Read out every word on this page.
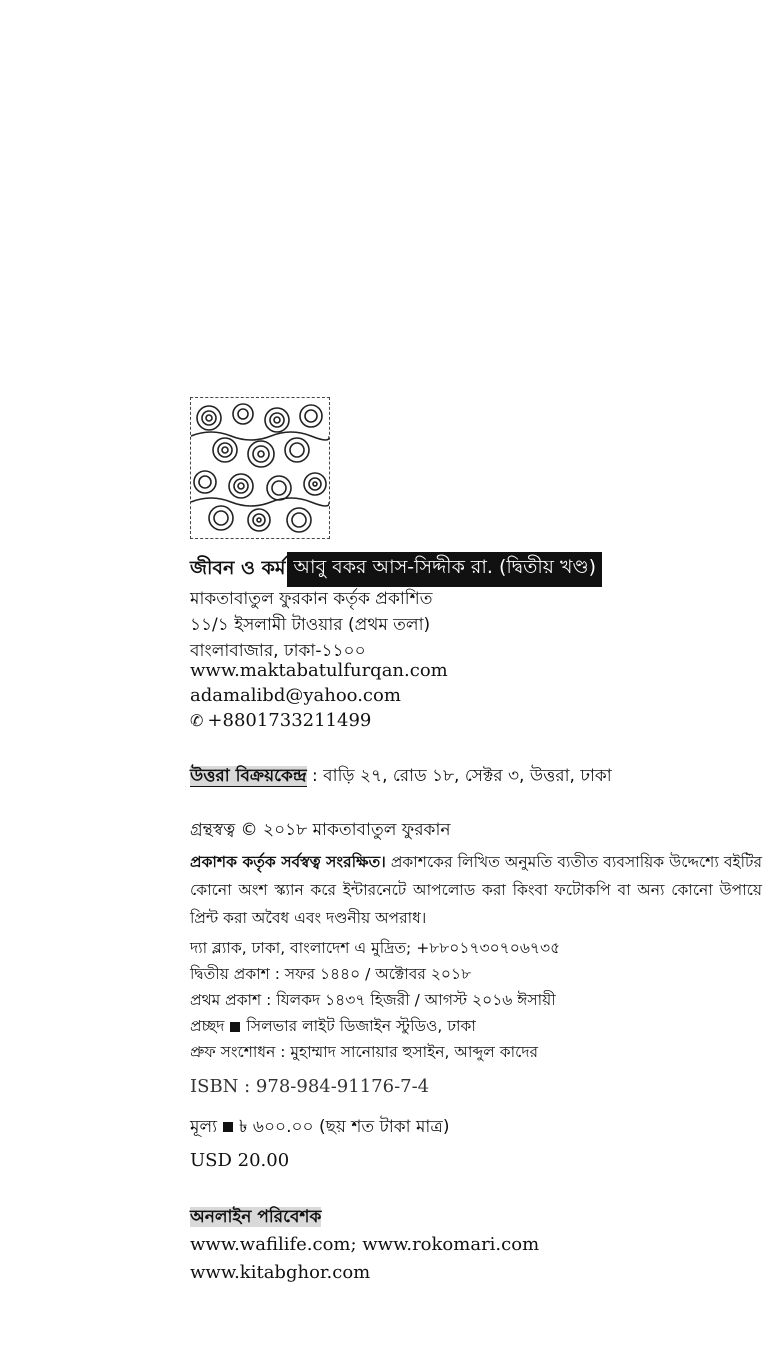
জীবন ও কর্ম আবু বকর আস-সিদ্দীক রা. (দ্বিতীয় খণ্ড)
মাকতাবাতুল ফুরকান কর্তৃক প্রকাশিত
১১/১ ইসলামী টাওয়ার (প্রথম তলা)
বাংলাবাজার, ঢাকা-১১০০
www.maktabatulfurqan.com
adamalibd@yahoo.com
✆ +8801733211499
উত্তরা বিক্রয়কেন্দ্র : বাড়ি ২৭, রোড ১৮, সেক্টর ৩, উত্তরা, ঢাকা
গ্রন্থস্বত্ব © ২০১৮ মাকতাবাতুল ফুরকান
প্রকাশক কর্তৃক সর্বস্বত্ব সংরক্ষিত। প্রকাশকের লিখিত অনুমতি ব্যতীত ব্যবসায়িক উদ্দেশ্যে বইটির কোনো অংশ স্ক্যান করে ইন্টারনেটে আপলোড করা কিংবা ফটোকপি বা অন্য কোনো উপায়ে প্রিন্ট করা অবৈধ এবং দণ্ডনীয় অপরাধ।
দ্যা ব্ল্যাক, ঢাকা, বাংলাদেশ এ মুদ্রিত; +৮৮০১৭৩০৭০৬৭৩৫
দ্বিতীয় প্রকাশ : সফর ১৪৪০ / অক্টোবর ২০১৮
প্রথম প্রকাশ : যিলকদ ১৪৩৭ হিজরী / আগস্ট ২০১৬ ঈসায়ী
প্রচ্ছদ সিলভার লাইট ডিজাইন স্টুডিও, ঢাকা
প্রুফ সংশোধন : মুহাম্মাদ সানোয়ার হুসাইন, আব্দুল কাদের
ISBN : 978-984-91176-7-4
মূল্য ৳ ৬০০.০০ (ছয় শত টাকা মাত্র)
USD 20.00
অনলাইন পরিবেশক
www.wafilife.com; www.rokomari.com
www.kitabghor.com
